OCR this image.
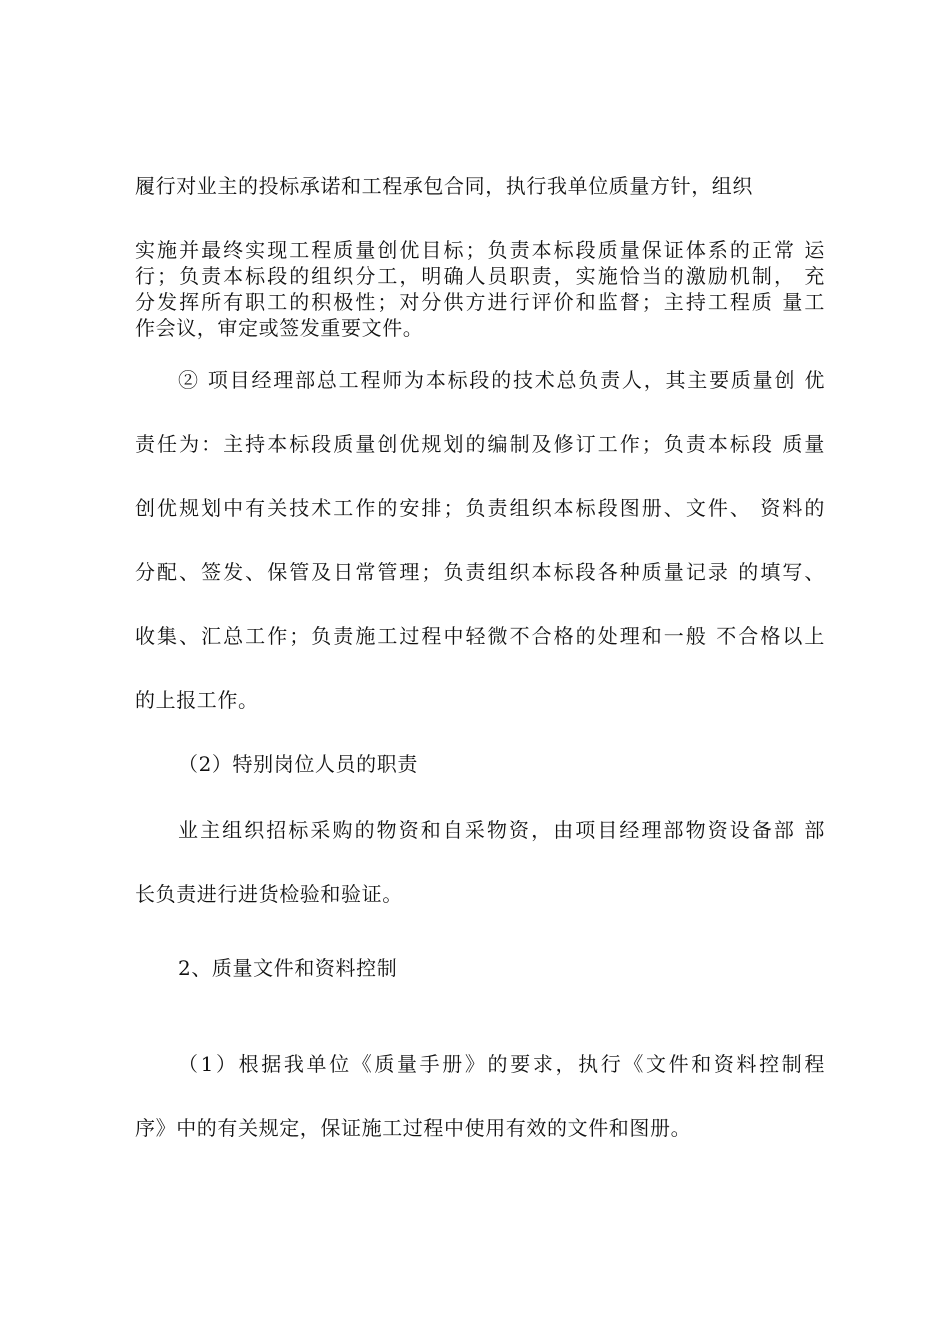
履行对业主的投标承诺和工程承包合同，执行我单位质量方针，组织
实施并最终实现工程质量创优目标；负责本标段质量保证体系的正常 运
行；负责本标段的组织分工，明确人员职责，实施恰当的激励机制， 充
分发挥所有职工的积极性；对分供方进行评价和监督；主持工程质 量工
作会议，审定或签发重要文件。
② 项目经理部总工程师为本标段的技术总负责人，其主要质量创 优
责任为：主持本标段质量创优规划的编制及修订工作；负责本标段 质量
创优规划中有关技术工作的安排；负责组织本标段图册、文件、 资料的
分配、签发、保管及日常管理；负责组织本标段各种质量记录 的填写、
收集、汇总工作；负责施工过程中轻微不合格的处理和一般 不合格以上
的上报工作。
（2）特别岗位人员的职责
业主组织招标采购的物资和自采物资，由项目经理部物资设备部 部
长负责进行进货检验和验证。
2、质量文件和资料控制
（1）根据我单位《质量手册》的要求，执行《文件和资料控制程
序》中的有关规定，保证施工过程中使用有效的文件和图册。
